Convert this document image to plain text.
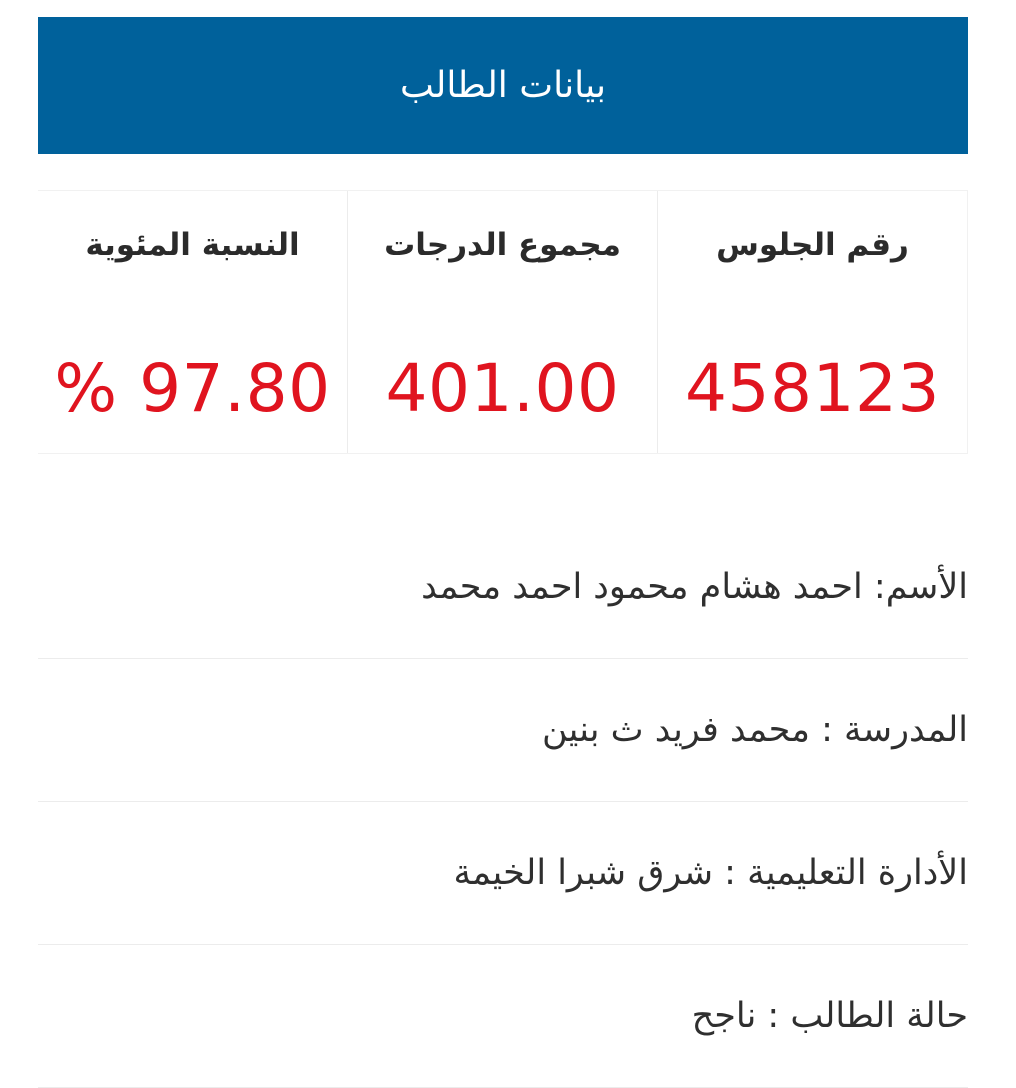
بيانات الطالب
رقم الجلوس
458123
مجموع الدرجات
401.00
النسبة المئوية
% 97.80
الأسم: احمد هشام محمود احمد محمد
المدرسة : محمد فريد ث بنين
الأدارة التعليمية : شرق شبرا الخيمة
حالة الطالب : ناجح
